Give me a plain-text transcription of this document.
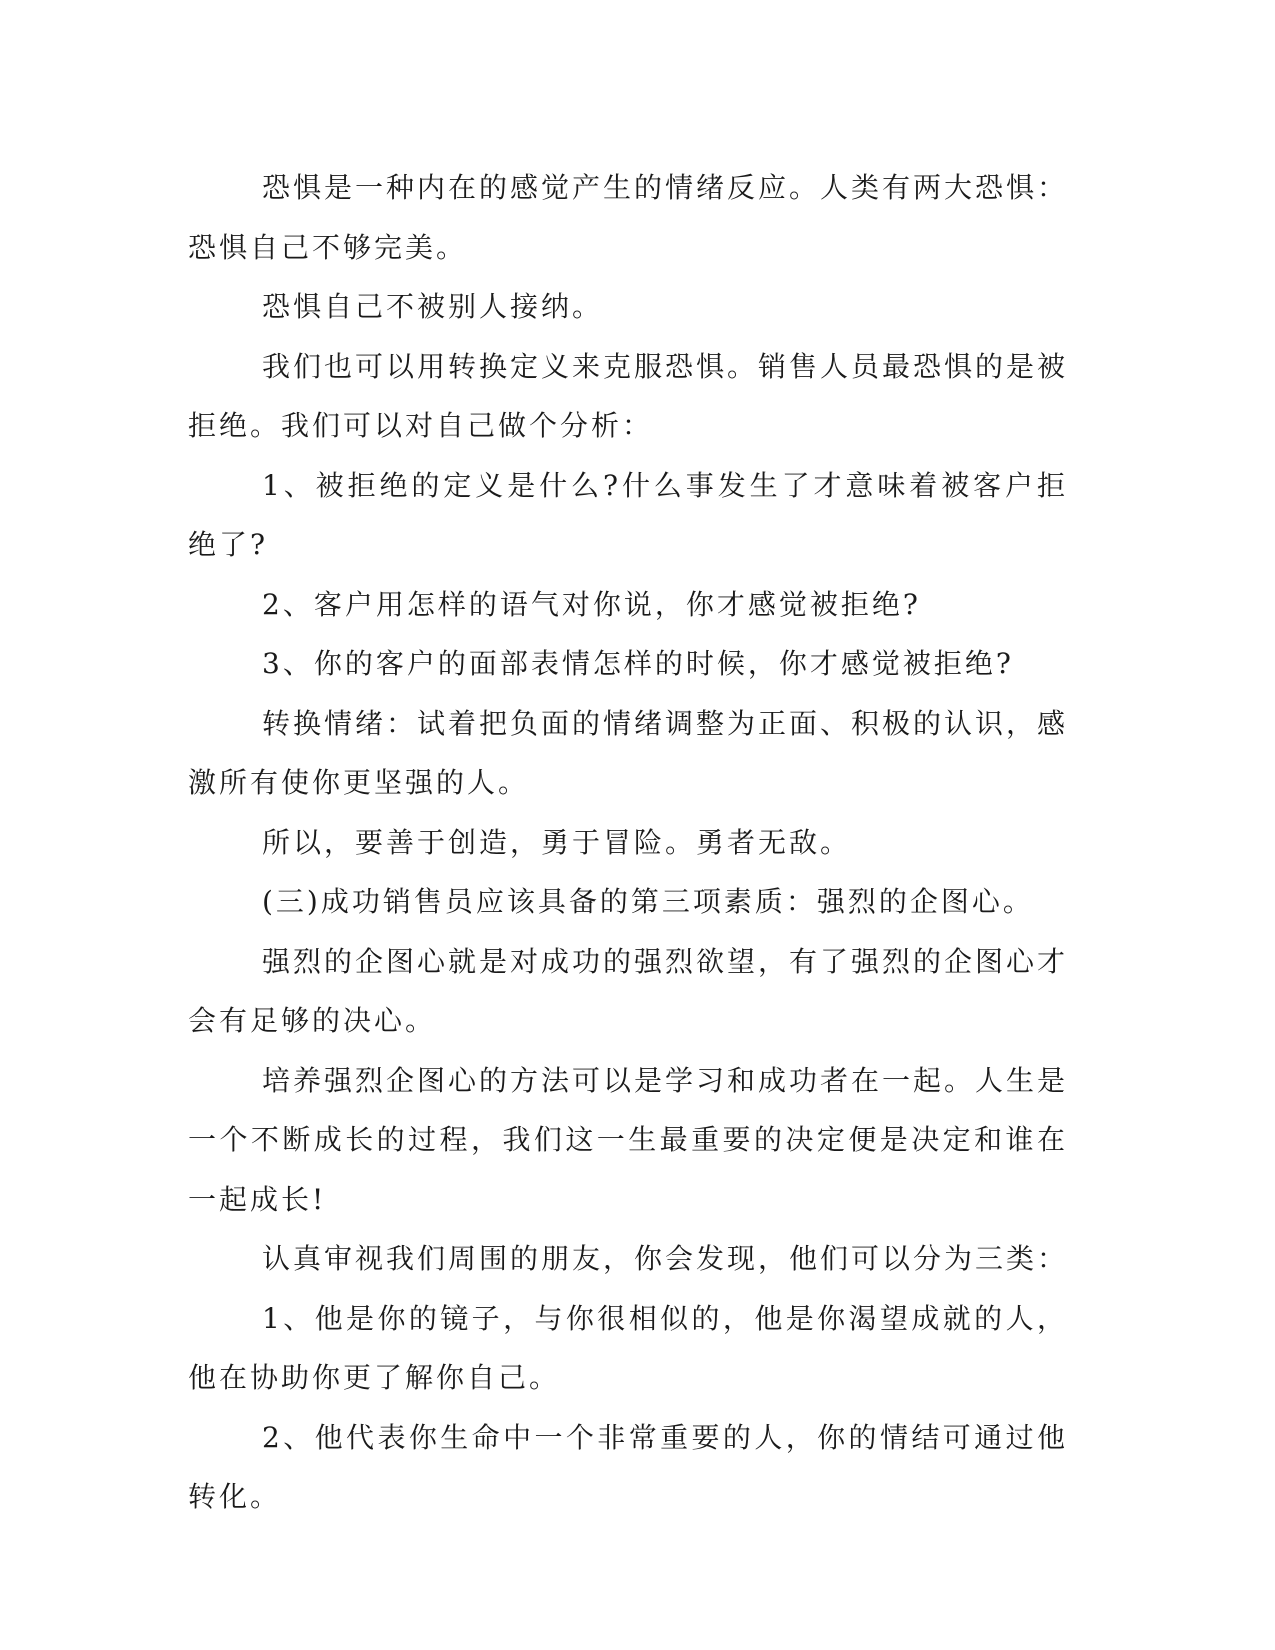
恐惧是一种内在的感觉产生的情绪反应。人类有两大恐惧：恐惧自己不够完美。

恐惧自己不被别人接纳。

我们也可以用转换定义来克服恐惧。销售人员最恐惧的是被拒绝。我们可以对自己做个分析：

1、被拒绝的定义是什么?什么事发生了才意味着被客户拒绝了?

2、客户用怎样的语气对你说，你才感觉被拒绝?

3、你的客户的面部表情怎样的时候，你才感觉被拒绝?

转换情绪：试着把负面的情绪调整为正面、积极的认识，感激所有使你更坚强的人。

所以，要善于创造，勇于冒险。勇者无敌。

(三)成功销售员应该具备的第三项素质：强烈的企图心。

强烈的企图心就是对成功的强烈欲望，有了强烈的企图心才会有足够的决心。

培养强烈企图心的方法可以是学习和成功者在一起。人生是一个不断成长的过程，我们这一生最重要的决定便是决定和谁在一起成长!

认真审视我们周围的朋友，你会发现，他们可以分为三类：

1、他是你的镜子，与你很相似的，他是你渴望成就的人，他在协助你更了解你自己。

2、他代表你生命中一个非常重要的人，你的情结可通过他转化。
